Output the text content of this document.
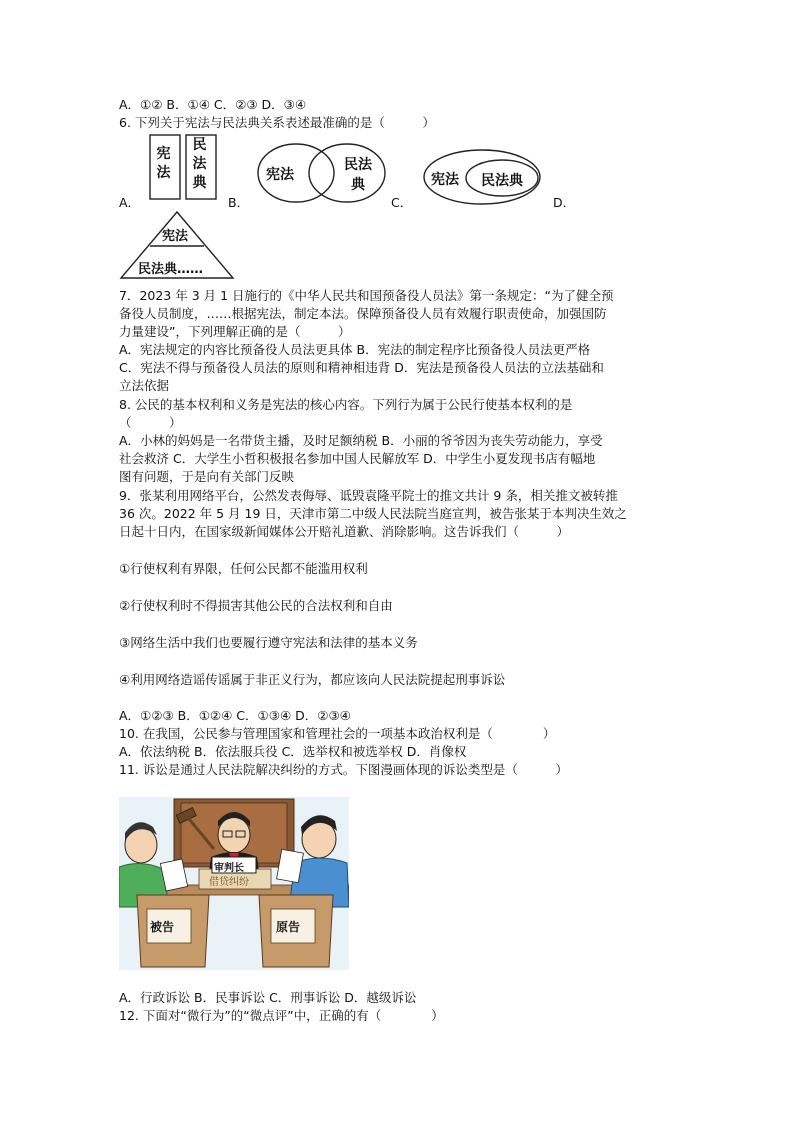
A．①② B．①④ C．②③ D．③④
6. 下列关于宪法与民法典关系表述最准确的是（　　　）
A．	B．	C．	D．
宪法
民法典	宪法
民法典	宪法 民法典
宪法
民法典……
7．2023 年 3 月 1 日施行的《中华人民共和国预备役人员法》第一条规定：“为了健全预
备役人员制度，……根据宪法，制定本法。保障预备役人员有效履行职责使命，加强国防
力量建设”，下列理解正确的是（　　　）
A．宪法规定的内容比预备役人员法更具体 B．宪法的制定程序比预备役人员法更严格
C．宪法不得与预备役人员法的原则和精神相违背 D．宪法是预备役人员法的立法基础和
立法依据
8. 公民的基本权利和义务是宪法的核心内容。下列行为属于公民行使基本权利的是
（　　　）
A．小林的妈妈是一名带货主播，及时足额纳税 B．小丽的爷爷因为丧失劳动能力，享受
社会救济 C．大学生小哲积极报名参加中国人民解放军 D．中学生小夏发现书店有幅地
图有问题，于是向有关部门反映
9．张某利用网络平台，公然发表侮辱、诋毁袁隆平院士的推文共计 9 条，相关推文被转推
36 次。2022 年 5 月 19 日，天津市第二中级人民法院当庭宣判，被告张某于本判决生效之
日起十日内，在国家级新闻媒体公开赔礼道歉、消除影响。这告诉我们（　　　）
①行使权利有界限，任何公民都不能滥用权利
②行使权利时不得损害其他公民的合法权利和自由
③网络生活中我们也要履行遵守宪法和法律的基本义务
④利用网络造谣传谣属于非正义行为，都应该向人民法院提起刑事诉讼
A．①②③ B．①②④ C．①③④ D．②③④
10. 在我国，公民参与管理国家和管理社会的一项基本政治权利是（　　　　）
A．依法纳税 B．依法服兵役 C．选举权和被选举权 D．肖像权
11. 诉讼是通过人民法院解决纠纷的方式。下图漫画体现的诉讼类型是（　　　）
审判长
借贷纠纷
被告	原告
A．行政诉讼 B．民事诉讼 C．刑事诉讼 D．越级诉讼
12. 下面对“微行为”的“微点评”中，正确的有（　　　　）
